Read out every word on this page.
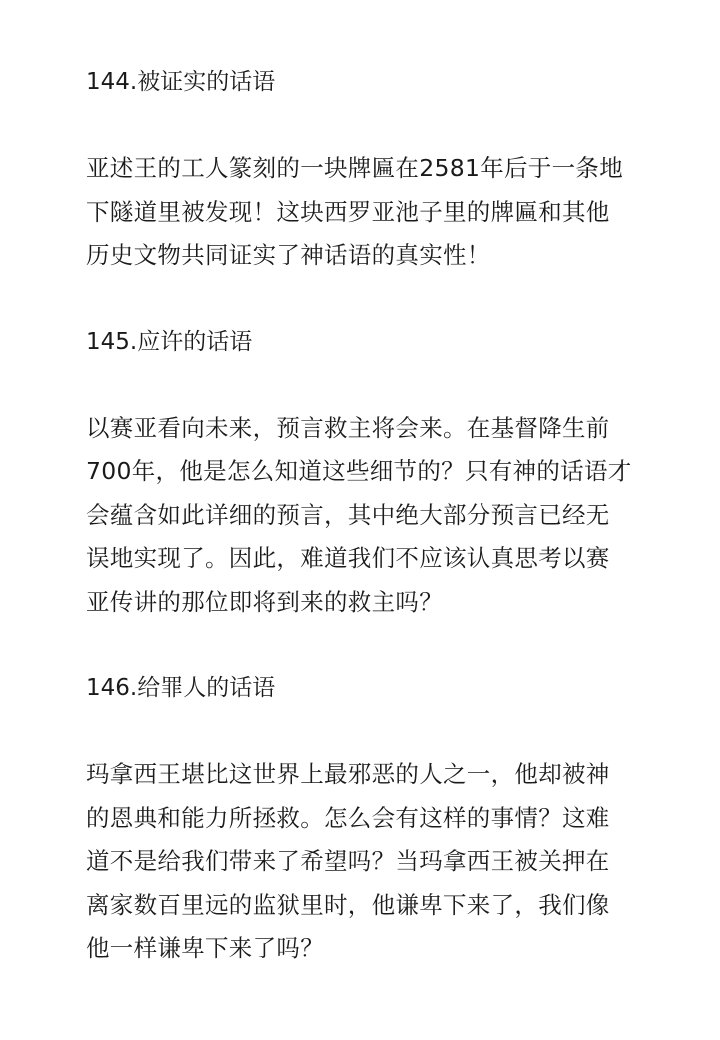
144.被证实的话语

亚述王的工人篆刻的一块牌匾在2581年后于一条地
下隧道里被发现！这块西罗亚池子里的牌匾和其他
历史文物共同证实了神话语的真实性！

145.应许的话语

以赛亚看向未来，预言救主将会来。在基督降生前
700年，他是怎么知道这些细节的？只有神的话语才
会蕴含如此详细的预言，其中绝大部分预言已经无
误地实现了。因此，难道我们不应该认真思考以赛
亚传讲的那位即将到来的救主吗？

146.给罪人的话语

玛拿西王堪比这世界上最邪恶的人之一，他却被神
的恩典和能力所拯救。怎么会有这样的事情？这难
道不是给我们带来了希望吗？当玛拿西王被关押在
离家数百里远的监狱里时，他谦卑下来了，我们像
他一样谦卑下来了吗？
